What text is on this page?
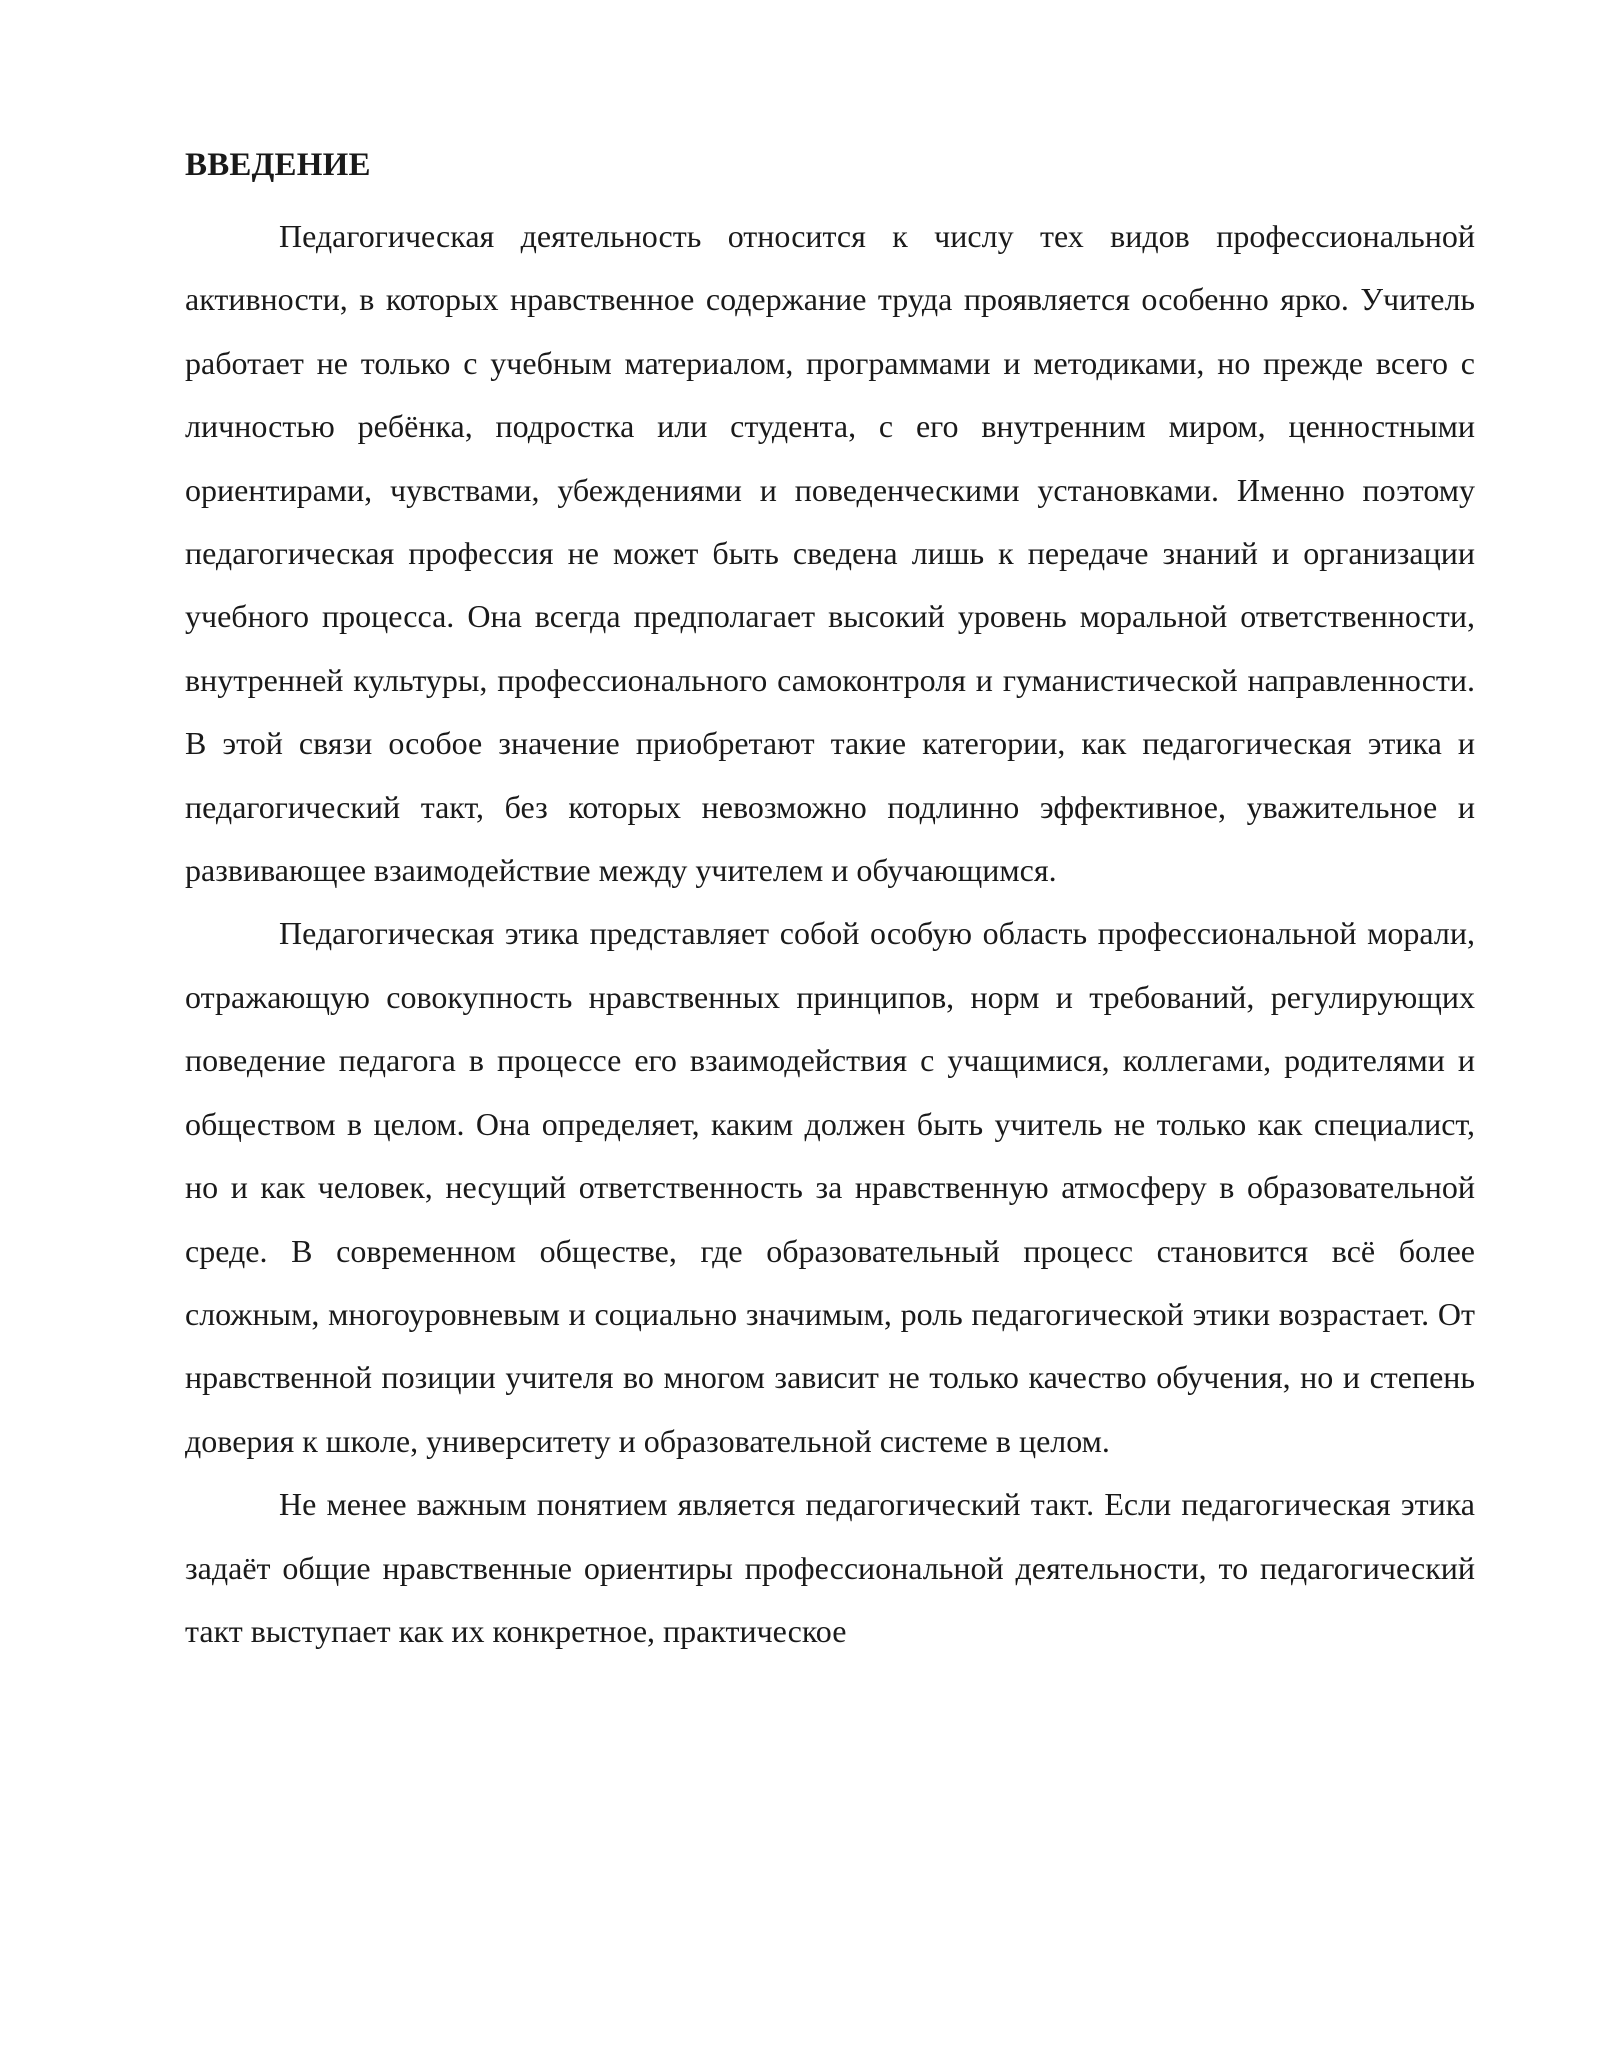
ВВЕДЕНИЕ

Педагогическая деятельность относится к числу тех видов профессиональной активности, в которых нравственное содержание труда проявляется особенно ярко. Учитель работает не только с учебным материалом, программами и методиками, но прежде всего с личностью ребёнка, подростка или студента, с его внутренним миром, ценностными ориентирами, чувствами, убеждениями и поведенческими установками. Именно поэтому педагогическая профессия не может быть сведена лишь к передаче знаний и организации учебного процесса. Она всегда предполагает высокий уровень моральной ответственности, внутренней культуры, профессионального самоконтроля и гуманистической направленности. В этой связи особое значение приобретают такие категории, как педагогическая этика и педагогический такт, без которых невозможно подлинно эффективное, уважительное и развивающее взаимодействие между учителем и обучающимся.

Педагогическая этика представляет собой особую область профессиональной морали, отражающую совокупность нравственных принципов, норм и требований, регулирующих поведение педагога в процессе его взаимодействия с учащимися, коллегами, родителями и обществом в целом. Она определяет, каким должен быть учитель не только как специалист, но и как человек, несущий ответственность за нравственную атмосферу в образовательной среде. В современном обществе, где образовательный процесс становится всё более сложным, многоуровневым и социально значимым, роль педагогической этики возрастает. От нравственной позиции учителя во многом зависит не только качество обучения, но и степень доверия к школе, университету и образовательной системе в целом.

Не менее важным понятием является педагогический такт. Если педагогическая этика задаёт общие нравственные ориентиры профессиональной деятельности, то педагогический такт выступает как их конкретное, практическое
